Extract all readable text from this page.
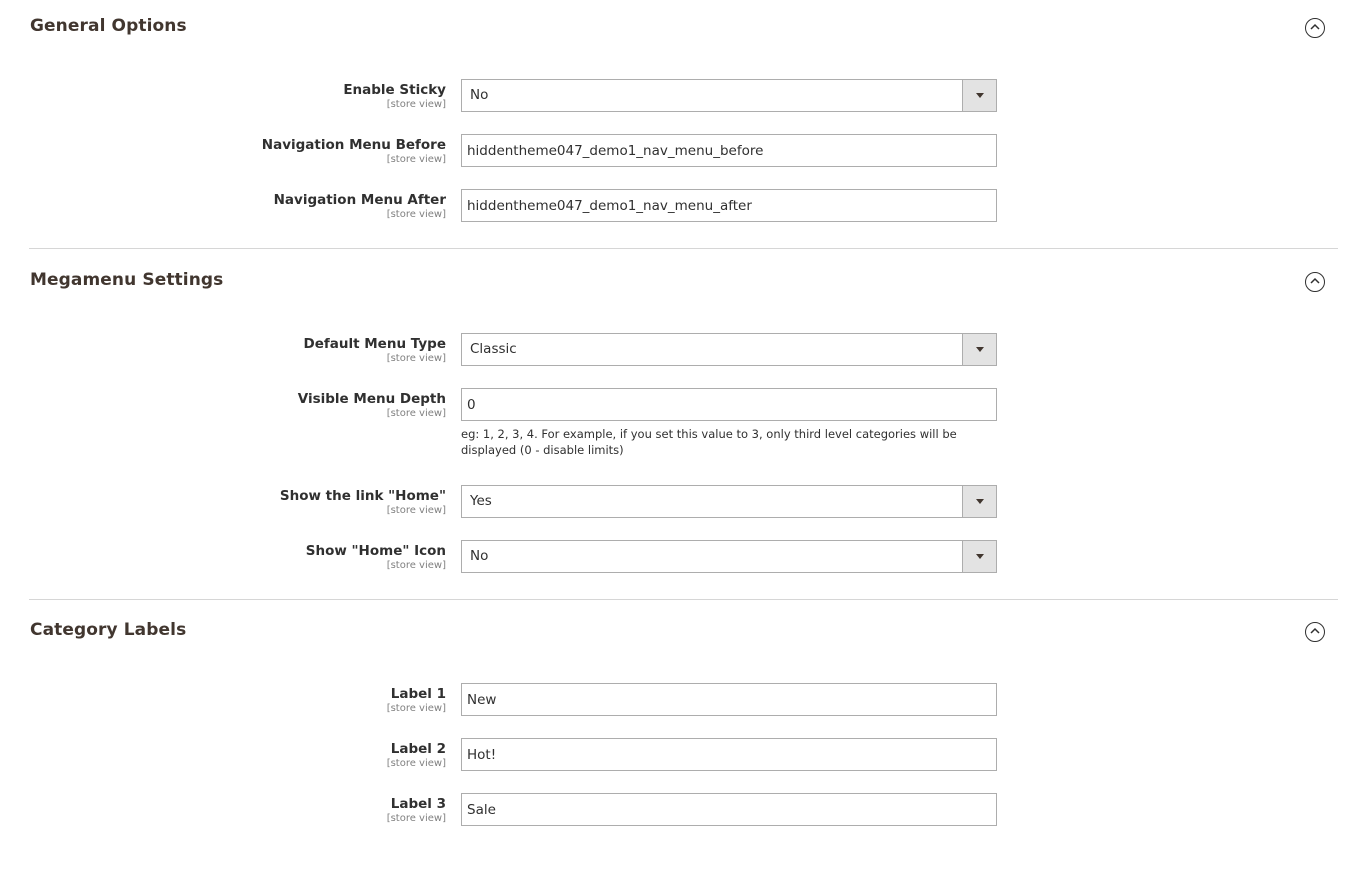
General Options
Enable Sticky
[store view]
No
Navigation Menu Before
[store view]
hiddentheme047_demo1_nav_menu_before
Navigation Menu After
[store view]
hiddentheme047_demo1_nav_menu_after
Megamenu Settings
Default Menu Type
[store view]
Classic
Visible Menu Depth
[store view]
0
eg: 1, 2, 3, 4. For example, if you set this value to 3, only third level categories will be displayed (0 - disable limits)
Show the link "Home"
[store view]
Yes
Show "Home" Icon
[store view]
No
Category Labels
Label 1
[store view]
New
Label 2
[store view]
Hot!
Label 3
[store view]
Sale
